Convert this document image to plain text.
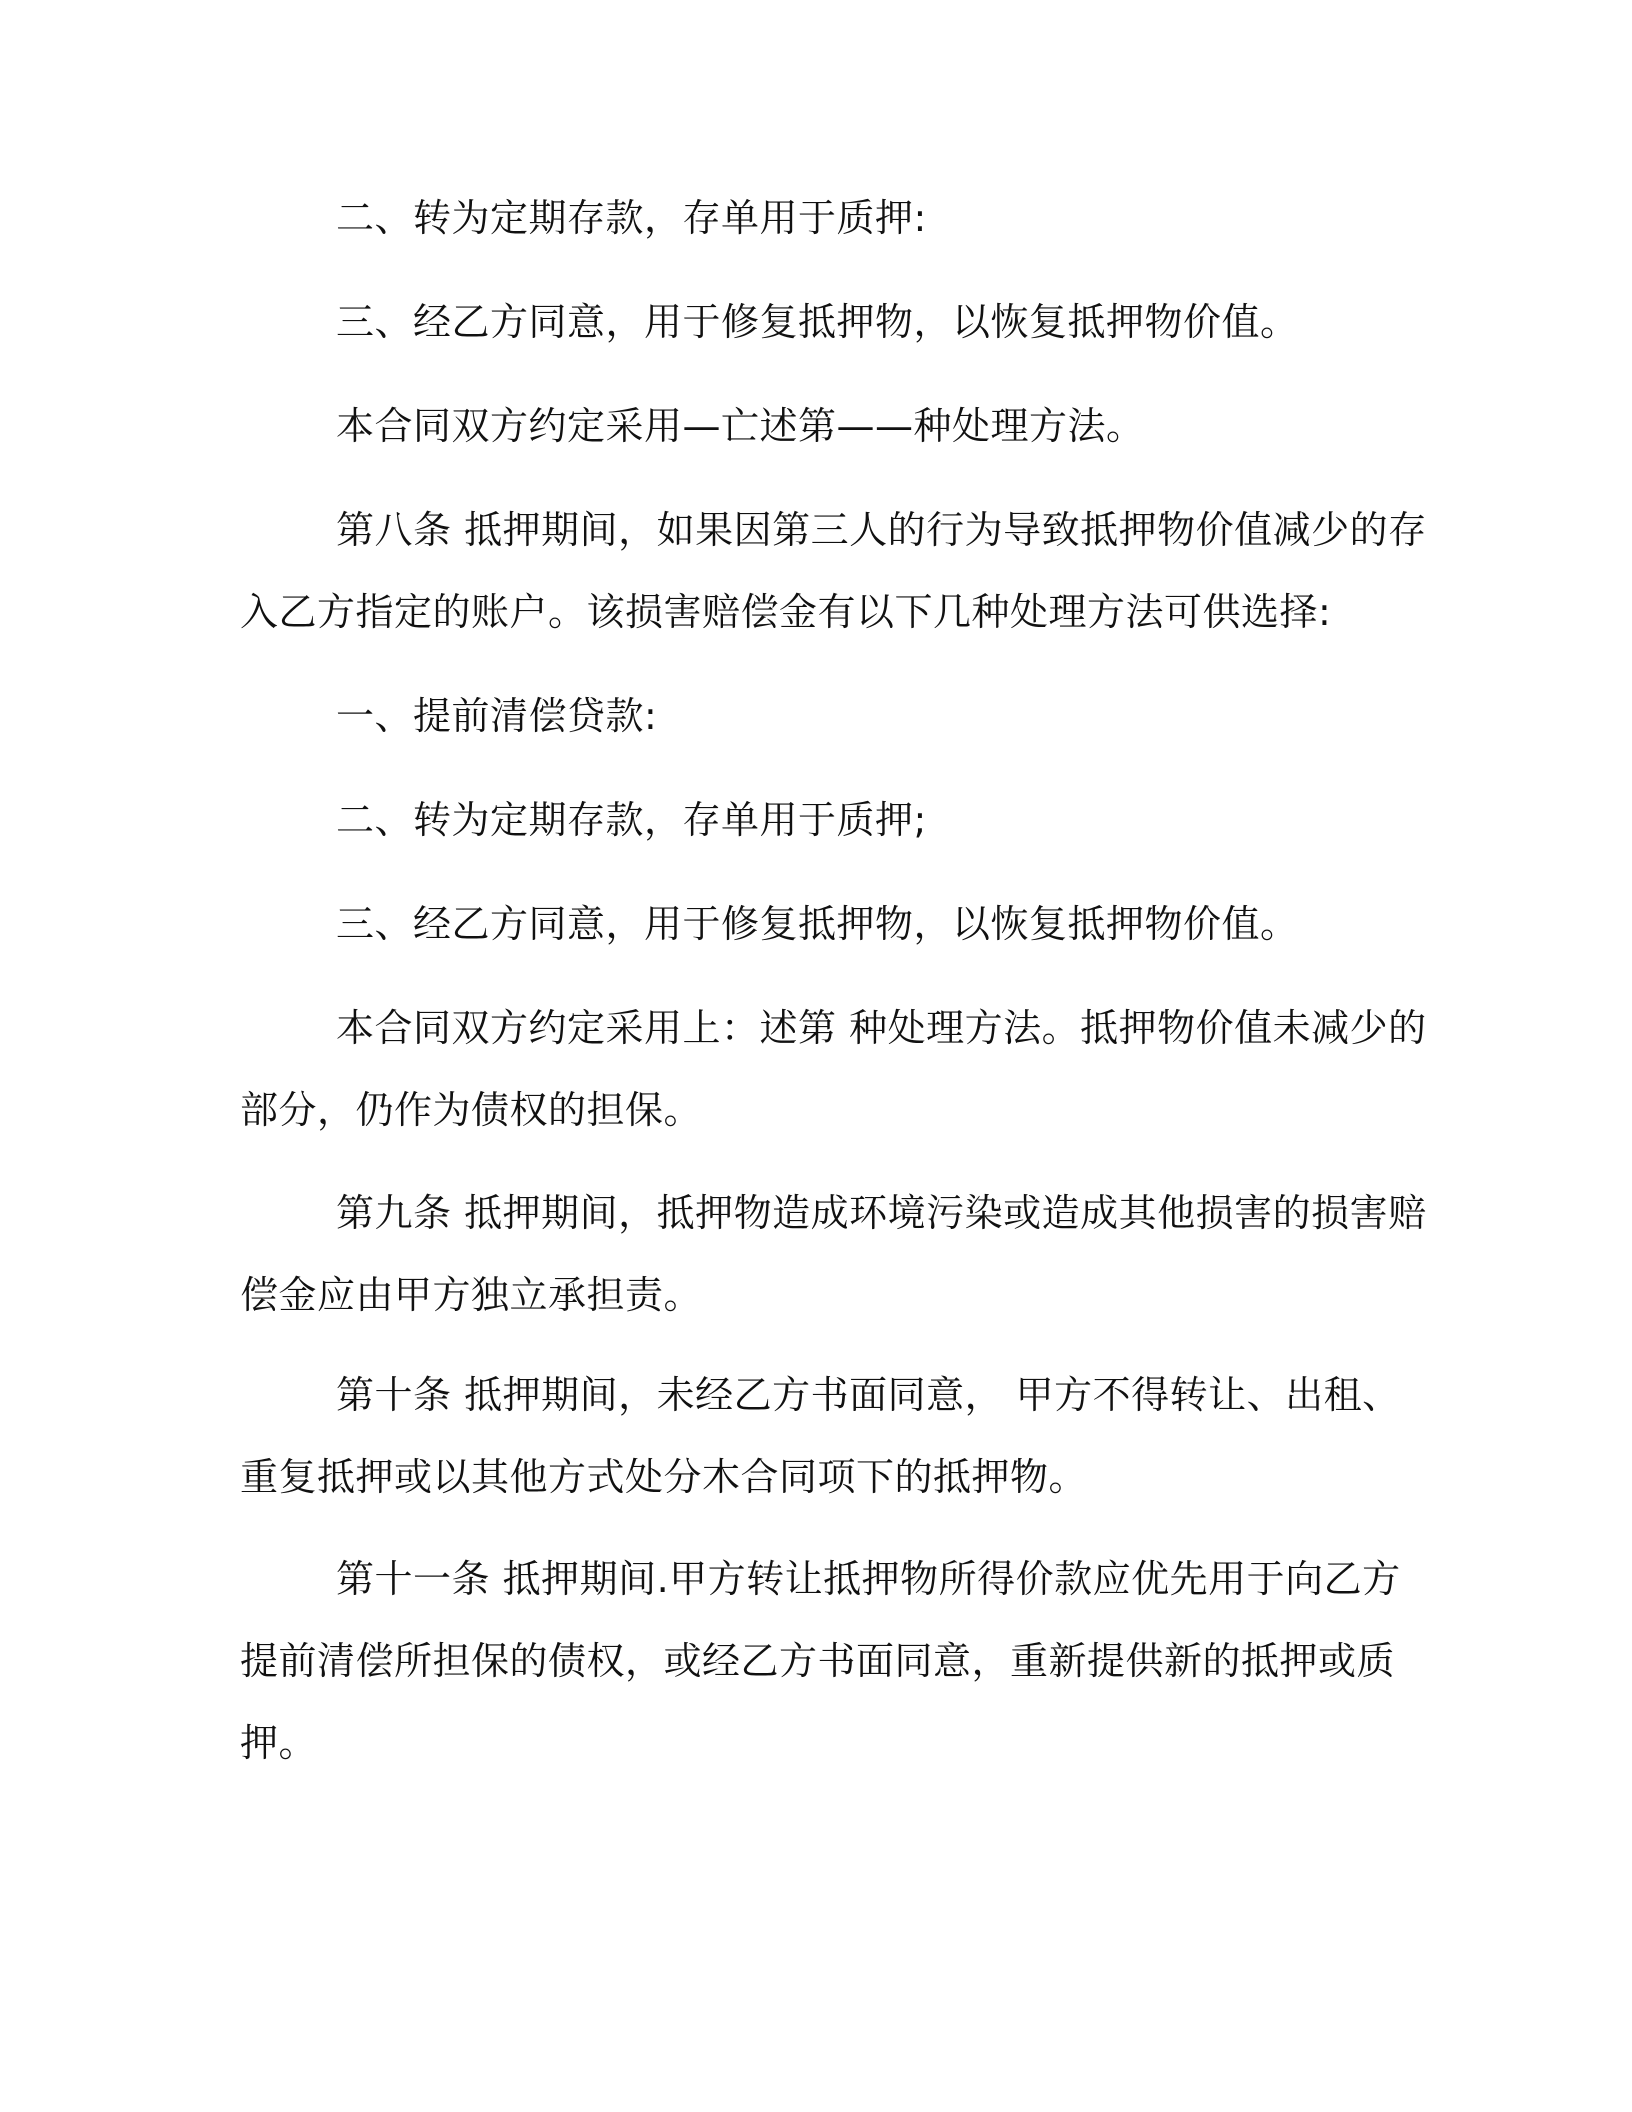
二、转为定期存款，存单用于质押:

三、经乙方同意，用于修复抵押物，以恢复抵押物价值。

本合同双方约定采用—亡述第——种处理方法。

第八条 抵押期间，如果因第三人的行为导致抵押物价值减少的存
入乙方指定的账户。该损害赔偿金有以下几种处理方法可供选择:

一、提前清偿贷款:

二、转为定期存款，存单用于质押;

三、经乙方同意，用于修复抵押物，以恢复抵押物价值。

本合同双方约定采用上：述第 种处理方法。抵押物价值未减少的
部分，仍作为债权的担保。

第九条 抵押期间，抵押物造成环境污染或造成其他损害的损害赔
偿金应由甲方独立承担责。

第十条 抵押期间，未经乙方书面同意， 甲方不得转让、出租、
重复抵押或以其他方式处分木合同项下的抵押物。

第十一条 抵押期间.甲方转让抵押物所得价款应优先用于向乙方
提前清偿所担保的债权，或经乙方书面同意，重新提供新的抵押或质
押。
